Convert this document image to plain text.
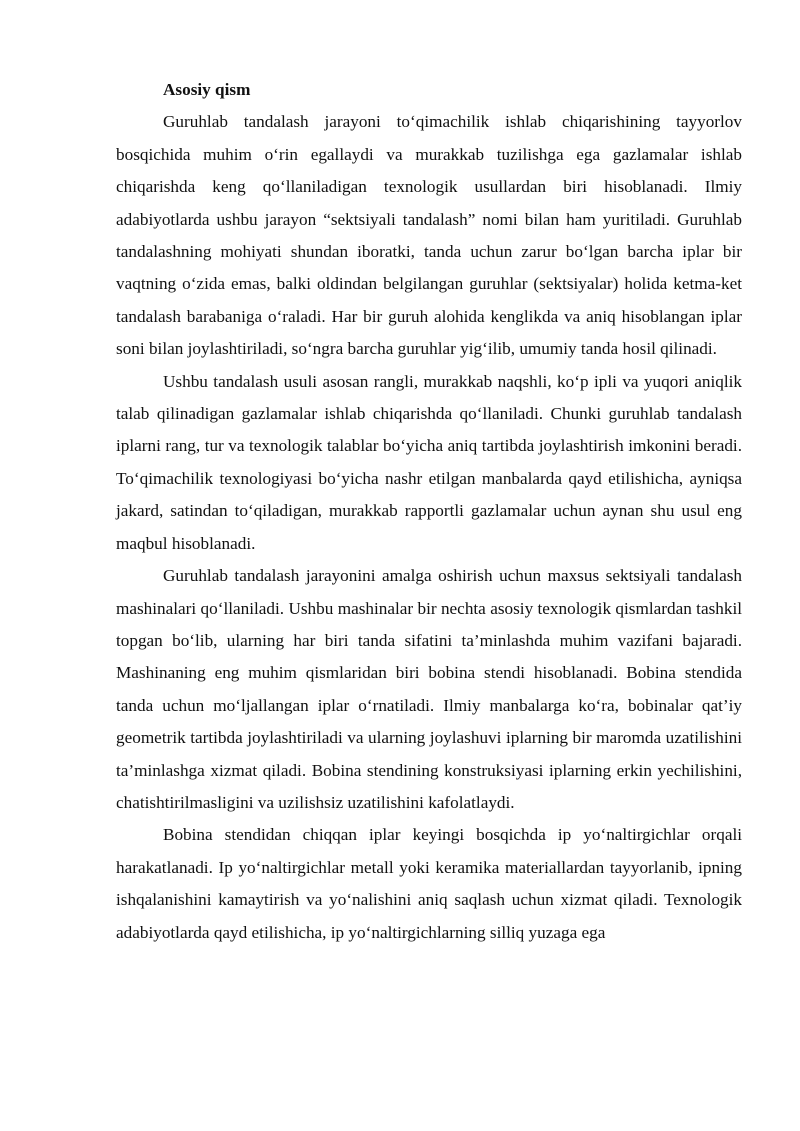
Asosiy qism

Guruhlab tandalash jarayoni to‘qimachilik ishlab chiqarishining tayyorlov bosqichida muhim o‘rin egallaydi va murakkab tuzilishga ega gazlamalar ishlab chiqarishda keng qo‘llaniladigan texnologik usullardan biri hisoblanadi. Ilmiy adabiyotlarda ushbu jarayon “sektsiyali tandalash” nomi bilan ham yuritiladi. Guruhlab tandalashning mohiyati shundan iboratki, tanda uchun zarur bo‘lgan barcha iplar bir vaqtning o‘zida emas, balki oldindan belgilangan guruhlar (sektsiyalar) holida ketma-ket tandalash barabaniga o‘raladi. Har bir guruh alohida kenglikda va aniq hisoblangan iplar soni bilan joylashtiriladi, so‘ngra barcha guruhlar yig‘ilib, umumiy tanda hosil qilinadi.

Ushbu tandalash usuli asosan rangli, murakkab naqshli, ko‘p ipli va yuqori aniqlik talab qilinadigan gazlamalar ishlab chiqarishda qo‘llaniladi. Chunki guruhlab tandalash iplarni rang, tur va texnologik talablar bo‘yicha aniq tartibda joylashtirish imkonini beradi. To‘qimachilik texnologiyasi bo‘yicha nashr etilgan manbalarda qayd etilishicha, ayniqsa jakard, satindan to‘qiladigan, murakkab rapportli gazlamalar uchun aynan shu usul eng maqbul hisoblanadi.

Guruhlab tandalash jarayonini amalga oshirish uchun maxsus sektsiyali tandalash mashinalari qo‘llaniladi. Ushbu mashinalar bir nechta asosiy texnologik qismlardan tashkil topgan bo‘lib, ularning har biri tanda sifatini ta’minlashda muhim vazifani bajaradi. Mashinaning eng muhim qismlaridan biri bobina stendi hisoblanadi. Bobina stendida tanda uchun mo‘ljallangan iplar o‘rnatiladi. Ilmiy manbalarga ko‘ra, bobinalar qat’iy geometrik tartibda joylashtiriladi va ularning joylashuvi iplarning bir maromda uzatilishini ta’minlashga xizmat qiladi. Bobina stendining konstruksiyasi iplarning erkin yechilishini, chatishtirilmasligini va uzilishsiz uzatilishini kafolatlaydi.

Bobina stendidan chiqqan iplar keyingi bosqichda ip yo‘naltirgichlar orqali harakatlanadi. Ip yo‘naltirgichlar metall yoki keramika materiallardan tayyorlanib, ipning ishqalanishini kamaytirish va yo‘nalishini aniq saqlash uchun xizmat qiladi. Texnologik adabiyotlarda qayd etilishicha, ip yo‘naltirgichlarning silliq yuzaga ega
